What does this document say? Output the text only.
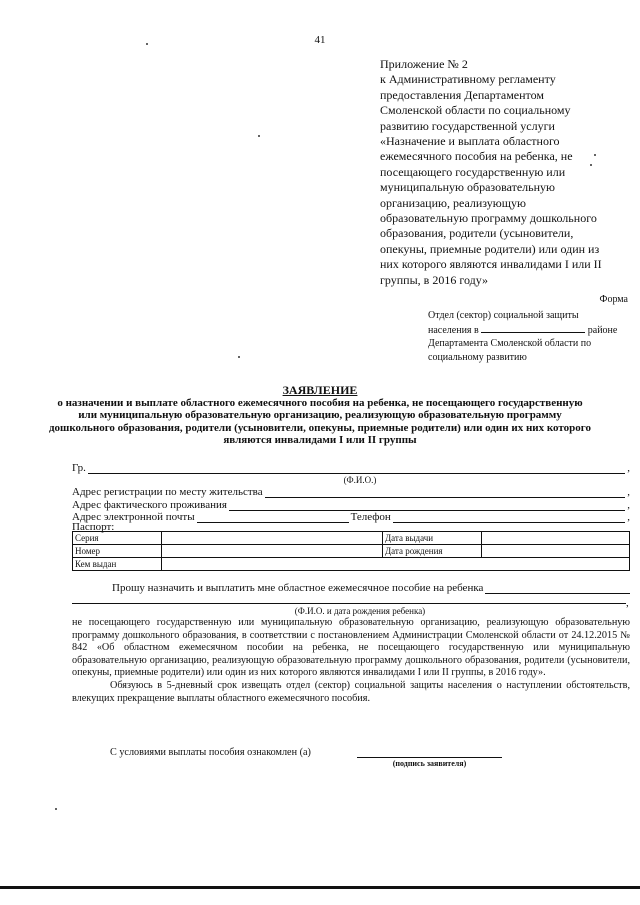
41
Приложение № 2
к Административному регламенту
предоставления Департаментом
Смоленской области по социальному
развитию государственной услуги
«Назначение и выплата областного
ежемесячного пособия на ребенка, не
посещающего государственную или
муниципальную образовательную
организацию, реализующую
образовательную программу дошкольного
образования, родители (усыновители,
опекуны, приемные родители) или один из
них которого являются инвалидами I или II
группы, в 2016 году»
Форма
Отдел (сектор) социальной защиты
населения в	районе
Департамента Смоленской области по
социальному развитию
ЗАЯВЛЕНИЕ
о назначении и выплате областного ежемесячного пособия на ребенка, не посещающего государственную
или муниципальную образовательную организацию, реализующую образовательную программу
дошкольного образования, родители (усыновители, опекуны, приемные родители) или один их них которого
являются инвалидами I или II группы
Гр.	,
(Ф.И.О.)
Адрес регистрации по месту жительства	,
Адрес фактического проживания	,
Адрес электронной почты	Телефон	,
Паспорт:
Серия		Дата выдачи	
Номер		Дата рождения	
Кем выдан			
Прошу назначить и выплатить мне областное ежемесячное пособие на ребенка
,
(Ф.И.О. и дата рождения ребенка)

не посещающего государственную или муниципальную образовательную организацию, реализующую образовательную программу дошкольного образования, в соответствии с постановлением Администрации Смоленской области от 24.12.2015 № 842 «Об областном ежемесячном пособии на ребенка, не посещающего государственную или муниципальную образовательную организацию, реализующую образовательную программу дошкольного образования, родители (усыновители, опекуны, приемные родители) или один из них которого являются инвалидами I или II группы, в 2016 году».

Обязуюсь в 5-дневный срок извещать отдел (сектор) социальной защиты населения о наступлении обстоятельств, влекущих прекращение выплаты областного ежемесячного пособия.

С условиями выплаты пособия ознакомлен (а)
(подпись заявителя)
